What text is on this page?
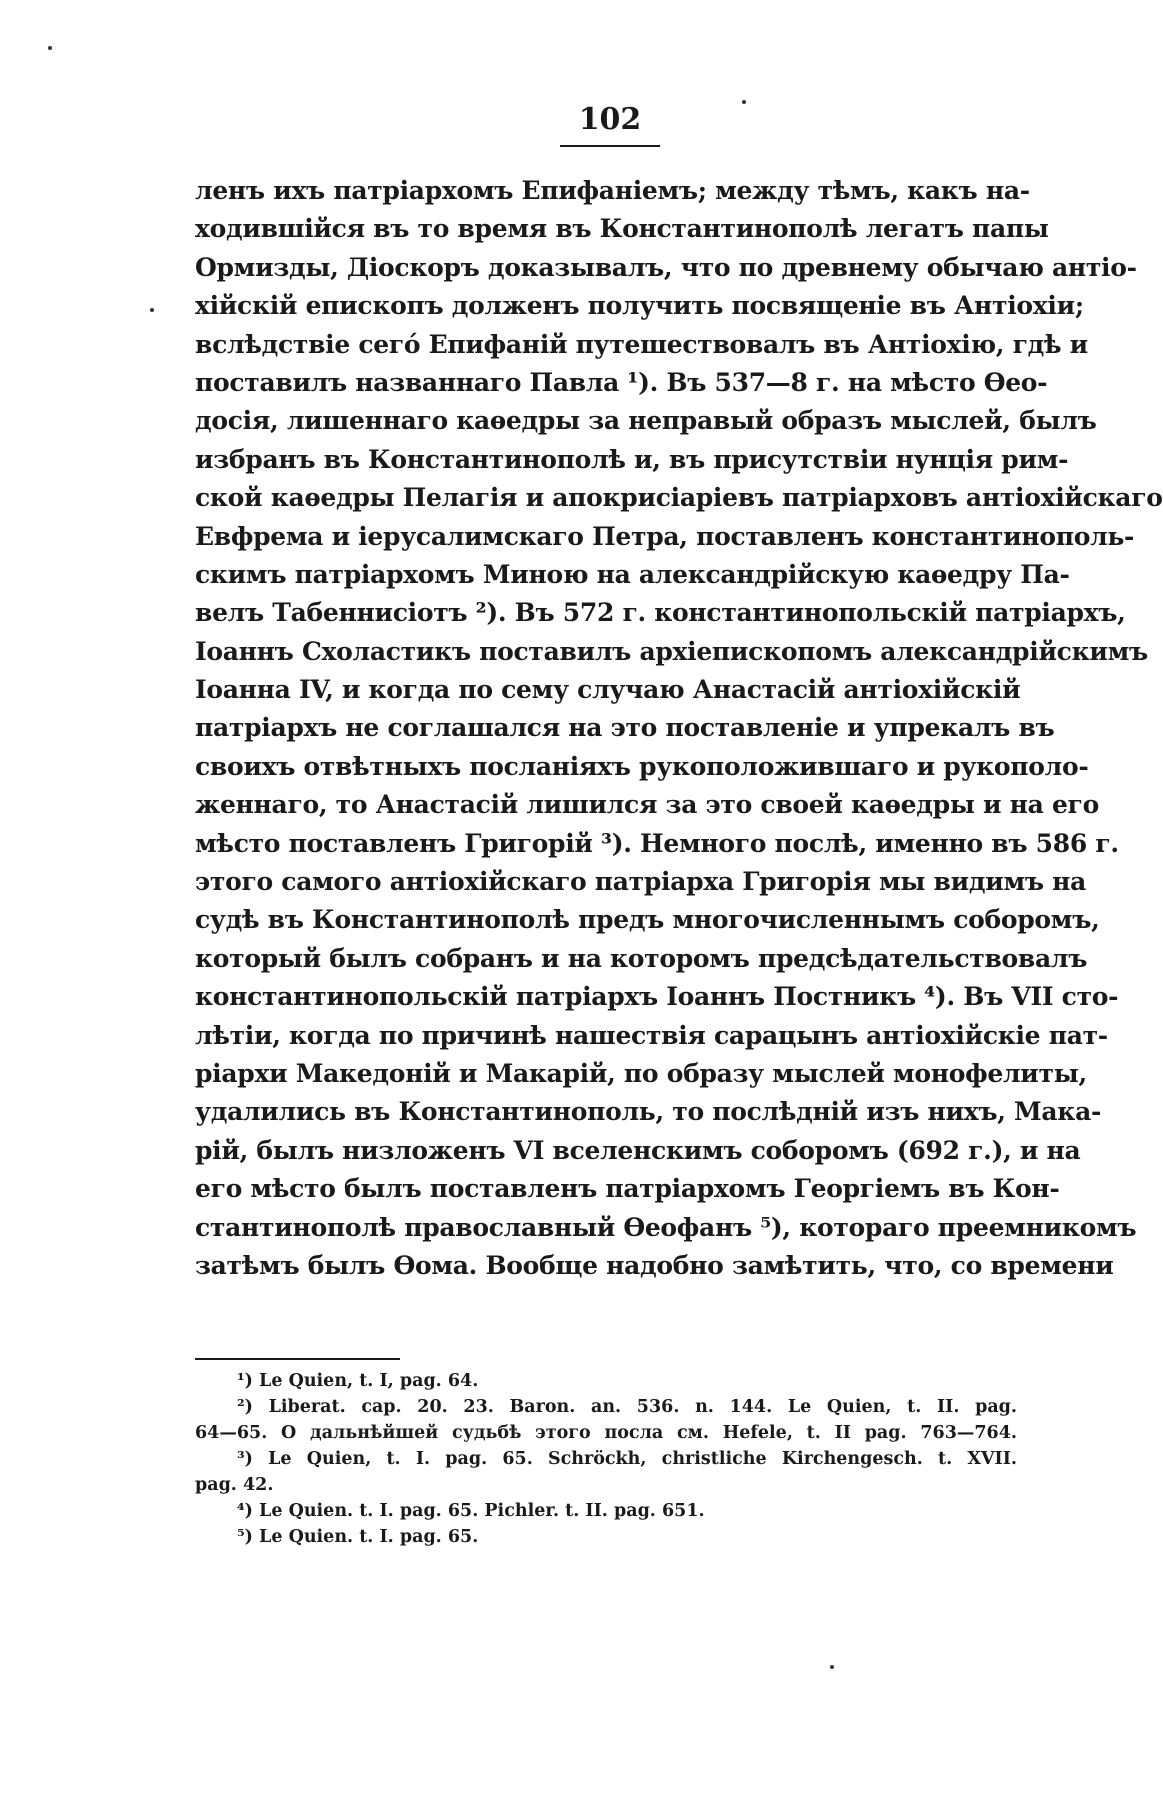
102
ленъ ихъ патріархомъ Епифаніемъ; между тѣмъ, какъ на-
ходившійся въ то время въ Константинополѣ легатъ папы
Ормизды, Діоскоръ доказывалъ, что по древнему обычаю антіо-
хійскій епископъ долженъ получить посвященіе въ Антіохіи;
вслѣдствіе сегó Епифаній путешествовалъ въ Антіохію, гдѣ и
поставилъ названнаго Павла ¹). Въ 537—8 г. на мѣсто Ѳео-
досія, лишеннаго каѳедры за неправый образъ мыслей, былъ
избранъ въ Константинополѣ и, въ присутствіи нунція рим-
ской каѳедры Пелагія и апокрисіаріевъ патріарховъ антіохійскаго
Евфрема и іерусалимскаго Петра, поставленъ константинополь-
скимъ патріархомъ Миною на александрійскую каѳедру Па-
велъ Табеннисіотъ ²). Въ 572 г. константинопольскій патріархъ,
Іоаннъ Схоластикъ поставилъ архіепископомъ александрійскимъ
Іоанна IV, и когда по сему случаю Анастасій антіохійскій
патріархъ не соглашался на это поставленіе и упрекалъ въ
своихъ отвѣтныхъ посланіяхъ рукоположившаго и рукополо-
женнаго, то Анастасій лишился за это своей каѳедры и на его
мѣсто поставленъ Григорій ³). Немного послѣ, именно въ 586 г.
этого самого антіохійскаго патріарха Григорія мы видимъ на
судѣ въ Константинополѣ предъ многочисленнымъ соборомъ,
который былъ собранъ и на которомъ предсѣдательствовалъ
константинопольскій патріархъ Іоаннъ Постникъ ⁴). Въ VII сто-
лѣтіи, когда по причинѣ нашествія сарацынъ антіохійскіе пат-
ріархи Македоній и Макарій, по образу мыслей монофелиты,
удалились въ Константинополь, то послѣдній изъ нихъ, Мака-
рій, былъ низложенъ VI вселенскимъ соборомъ (692 г.), и на
его мѣсто былъ поставленъ патріархомъ Георгіемъ въ Кон-
стантинополѣ православный Ѳеофанъ ⁵), котораго преемникомъ
затѣмъ былъ Ѳома. Вообще надобно замѣтить, что, со времени
¹) Le Quien, t. I, pag. 64.
²) Liberat. cap. 20. 23. Baron. an. 536. n. 144. Le Quien, t. II. pag.
64—65. О дальнѣйшей судьбѣ этого посла см. Hefele, t. II pag. 763—764.
³) Le Quien, t. I. pag. 65. Schröckh, christliche Kirchengesch. t. XVII.
pag. 42.
⁴) Le Quien. t. I. pag. 65. Pichler. t. II. pag. 651.
⁵) Le Quien. t. I. pag. 65.
